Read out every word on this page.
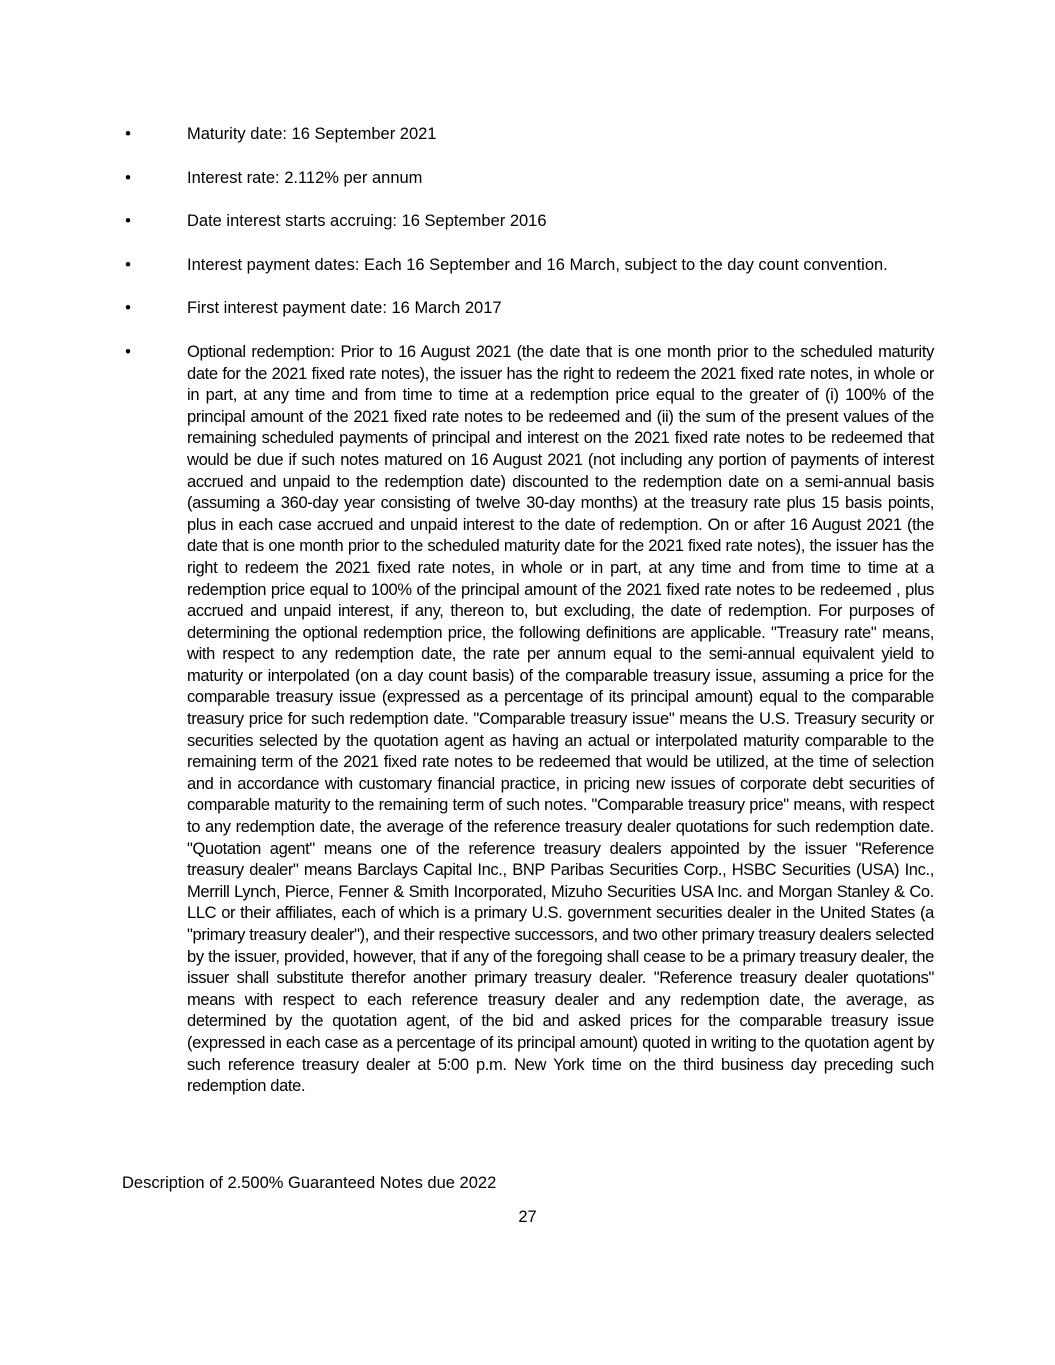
•	Maturity date: 16 September 2021
•	Interest rate: 2.112% per annum
•	Date interest starts accruing: 16 September 2016
•	Interest payment dates: Each 16 September and 16 March, subject to the day count convention.
•	First interest payment date: 16 March 2017
•	Optional redemption: Prior to 16 August 2021 (the date that is one month prior to the scheduled maturity date for the 2021 fixed rate notes), the issuer has the right to redeem the 2021 fixed rate notes, in whole or in part, at any time and from time to time at a redemption price equal to the greater of (i) 100% of the principal amount of the 2021 fixed rate notes to be redeemed and (ii) the sum of the present values of the remaining scheduled payments of principal and interest on the 2021 fixed rate notes to be redeemed that would be due if such notes matured on 16 August 2021 (not including any portion of payments of interest accrued and unpaid to the redemption date) discounted to the redemption date on a semi-annual basis (assuming a 360-day year consisting of twelve 30-day months) at the treasury rate plus 15 basis points, plus in each case accrued and unpaid interest to the date of redemption. On or after 16 August 2021 (the date that is one month prior to the scheduled maturity date for the 2021 fixed rate notes), the issuer has the right to redeem the 2021 fixed rate notes, in whole or in part, at any time and from time to time at a redemption price equal to 100% of the principal amount of the 2021 fixed rate notes to be redeemed , plus accrued and unpaid interest, if any, thereon to, but excluding, the date of redemption. For purposes of determining the optional redemption price, the following definitions are applicable. "Treasury rate" means, with respect to any redemption date, the rate per annum equal to the semi-annual equivalent yield to maturity or interpolated (on a day count basis) of the comparable treasury issue, assuming a price for the comparable treasury issue (expressed as a percentage of its principal amount) equal to the comparable treasury price for such redemption date. "Comparable treasury issue" means the U.S. Treasury security or securities selected by the quotation agent as having an actual or interpolated maturity comparable to the remaining term of the 2021 fixed rate notes to be redeemed that would be utilized, at the time of selection and in accordance with customary financial practice, in pricing new issues of corporate debt securities of comparable maturity to the remaining term of such notes. "Comparable treasury price" means, with respect to any redemption date, the average of the reference treasury dealer quotations for such redemption date. "Quotation agent" means one of the reference treasury dealers appointed by the issuer "Reference treasury dealer" means Barclays Capital Inc., BNP Paribas Securities Corp., HSBC Securities (USA) Inc., Merrill Lynch, Pierce, Fenner & Smith Incorporated, Mizuho Securities USA Inc. and Morgan Stanley & Co. LLC or their affiliates, each of which is a primary U.S. government securities dealer in the United States (a "primary treasury dealer"), and their respective successors, and two other primary treasury dealers selected by the issuer, provided, however, that if any of the foregoing shall cease to be a primary treasury dealer, the issuer shall substitute therefor another primary treasury dealer. "Reference treasury dealer quotations" means with respect to each reference treasury dealer and any redemption date, the average, as determined by the quotation agent, of the bid and asked prices for the comparable treasury issue (expressed in each case as a percentage of its principal amount) quoted in writing to the quotation agent by such reference treasury dealer at 5:00 p.m. New York time on the third business day preceding such redemption date.
Description of 2.500% Guaranteed Notes due 2022
27
